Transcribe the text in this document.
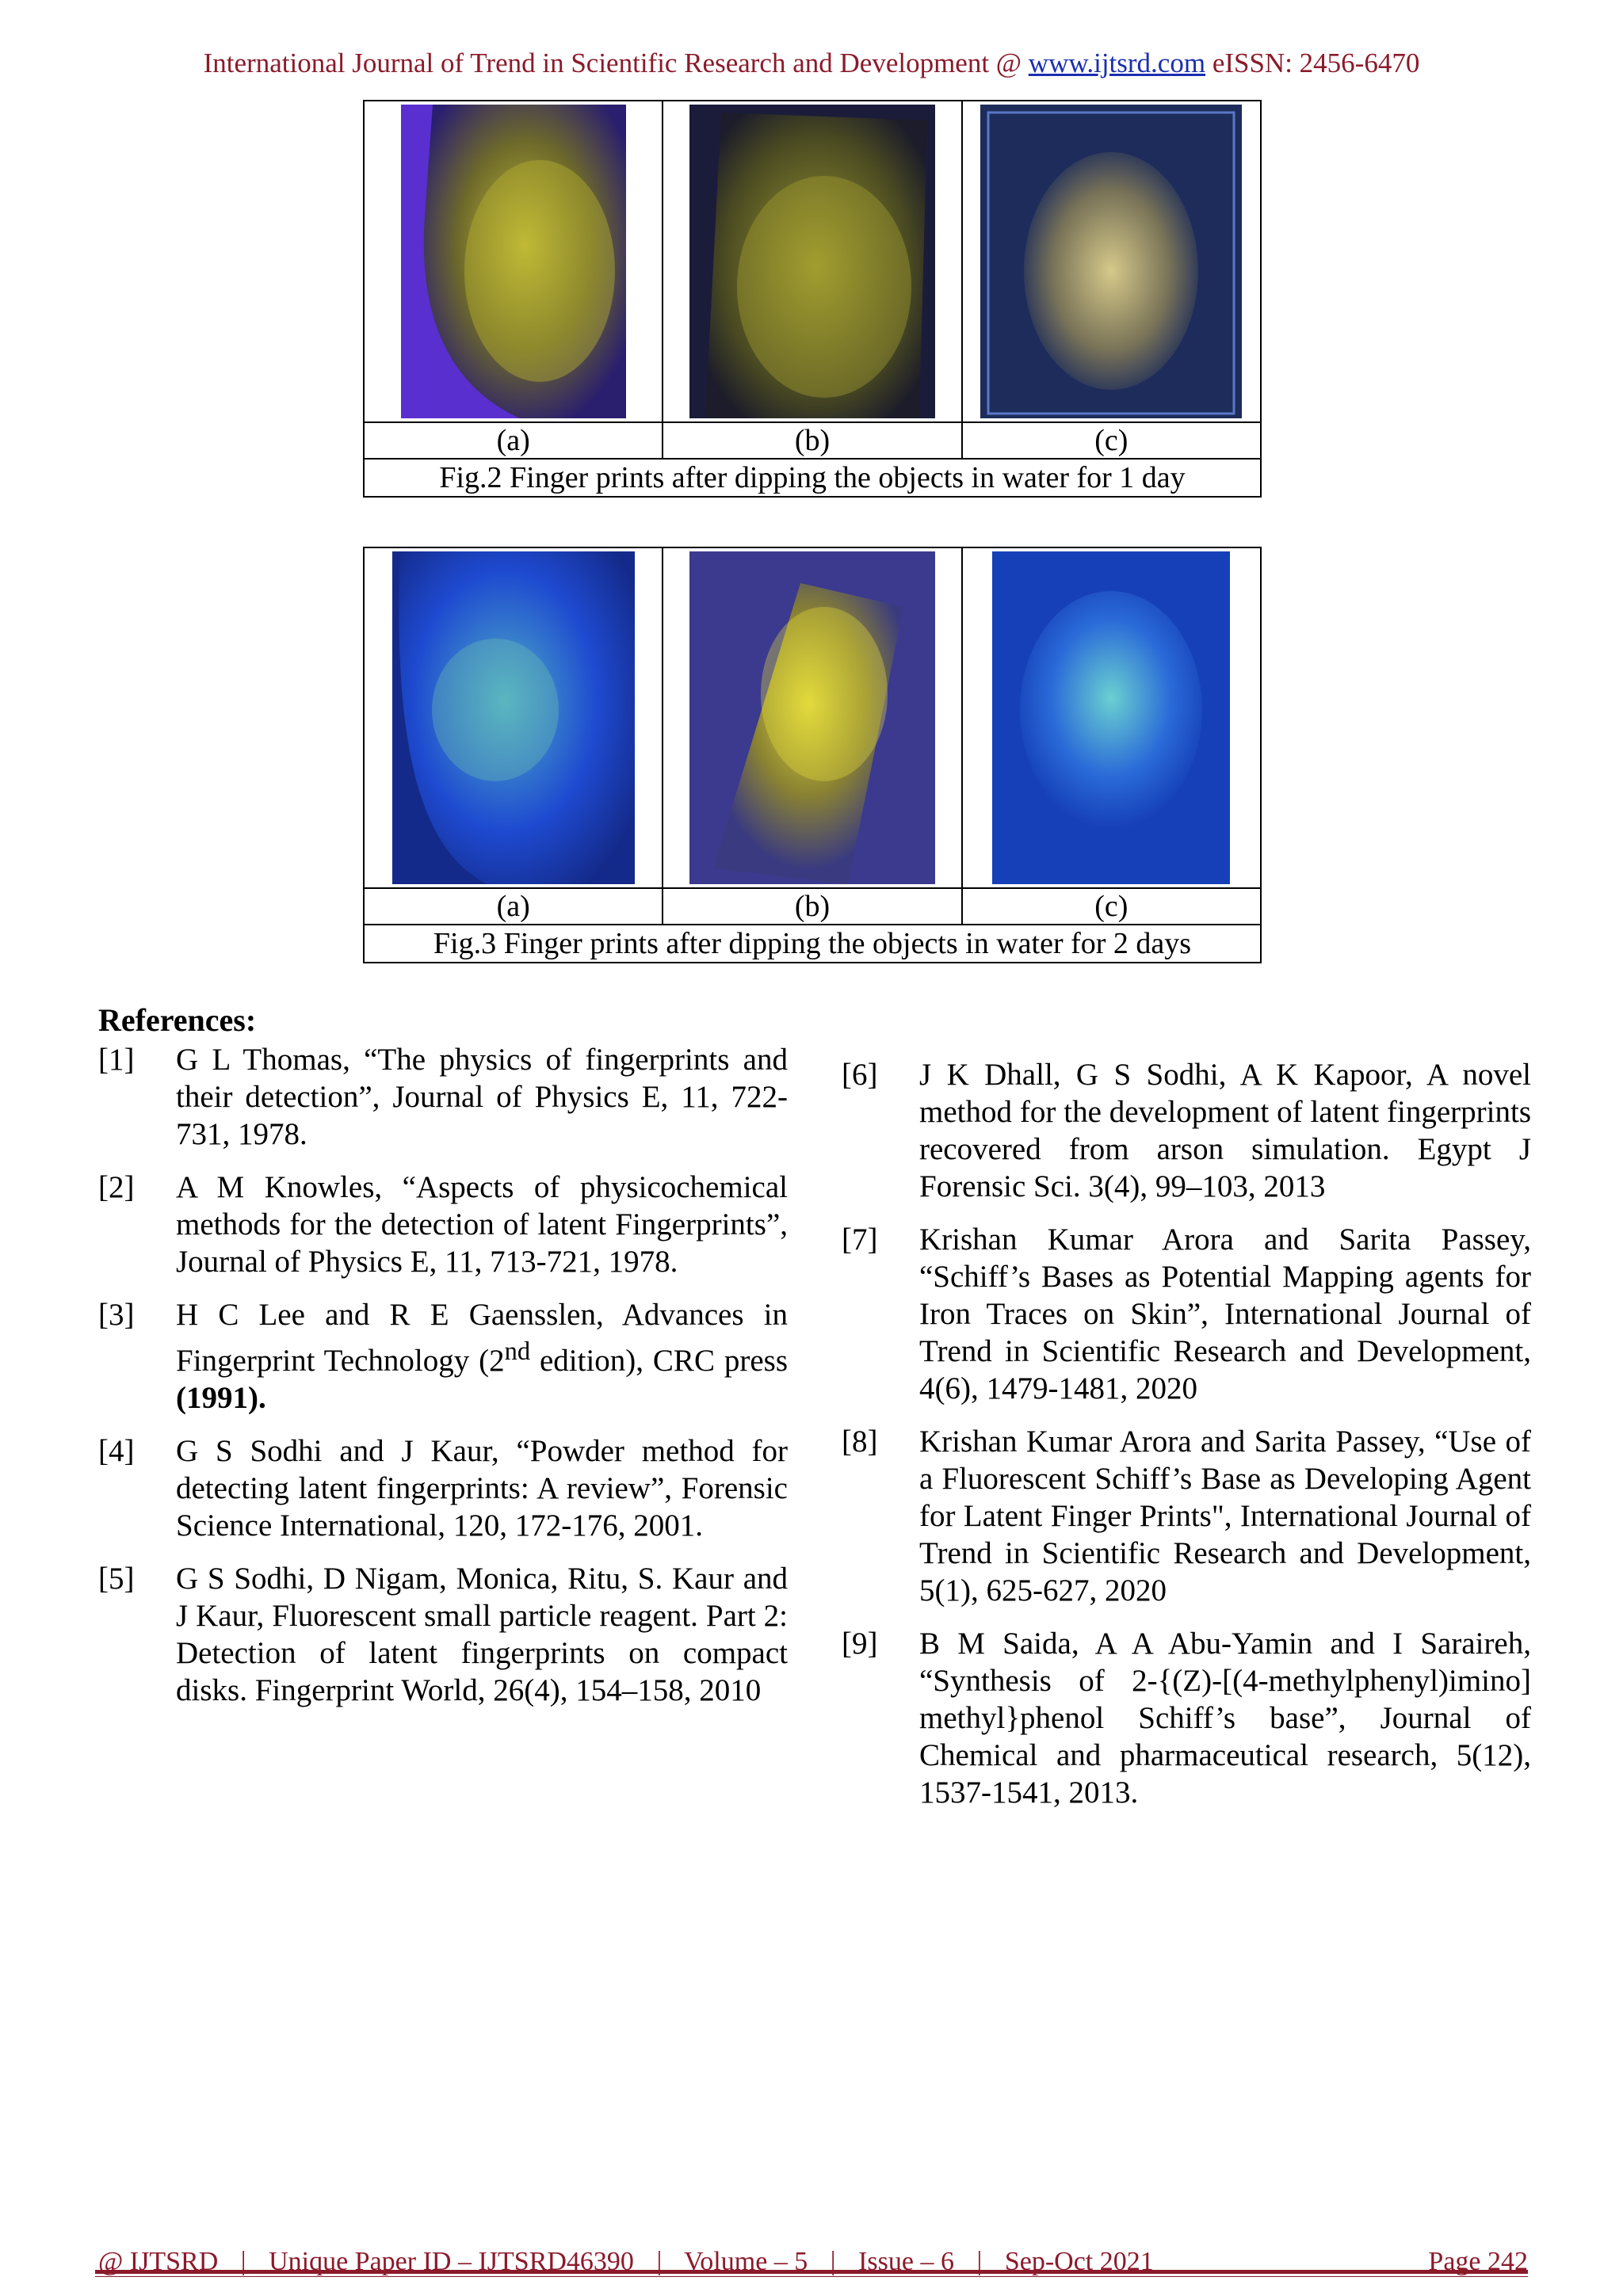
International Journal of Trend in Scientific Research and Development @ www.ijtsrd.com eISSN: 2456-6470

(a)	(b)	(c)
Fig.2 Finger prints after dipping the objects in water for 1 day		

(a)	(b)	(c)
Fig.3 Finger prints after dipping the objects in water for 2 days		
References:
[1] G L Thomas, “The physics of fingerprints and their detection”, Journal of Physics E, 11, 722-731, 1978.
[2] A M Knowles, “Aspects of physicochemical methods for the detection of latent Fingerprints”, Journal of Physics E, 11, 713-721, 1978.
[3] H C Lee and R E Gaensslen, Advances in Fingerprint Technology (2nd edition), CRC press (1991).
[4] G S Sodhi and J Kaur, “Powder method for detecting latent fingerprints: A review”, Forensic Science International, 120, 172-176, 2001.
[5] G S Sodhi, D Nigam, Monica, Ritu, S. Kaur and J Kaur, Fluorescent small particle reagent. Part 2: Detection of latent fingerprints on compact disks. Fingerprint World, 26(4), 154–158, 2010
[6] J K Dhall, G S Sodhi, A K Kapoor, A novel method for the development of latent fingerprints recovered from arson simulation. Egypt J Forensic Sci. 3(4), 99–103, 2013
[7] Krishan Kumar Arora and Sarita Passey, “Schiff’s Bases as Potential Mapping agents for Iron Traces on Skin”, International Journal of Trend in Scientific Research and Development, 4(6), 1479-1481, 2020
[8] Krishan Kumar Arora and Sarita Passey, “Use of a Fluorescent Schiff’s Base as Developing Agent for Latent Finger Prints", International Journal of Trend in Scientific Research and Development, 5(1), 625-627, 2020
[9] B M Saida, A A Abu-Yamin and I Saraireh, “Synthesis of 2-{(Z)-[(4-methylphenyl)imino] methyl}phenol Schiff’s base”, Journal of Chemical and pharmaceutical research, 5(12), 1537-1541, 2013.
@ IJTSRD | Unique Paper ID – IJTSRD46390 | Volume – 5 | Issue – 6 | Sep-Oct 2021	Page 242
